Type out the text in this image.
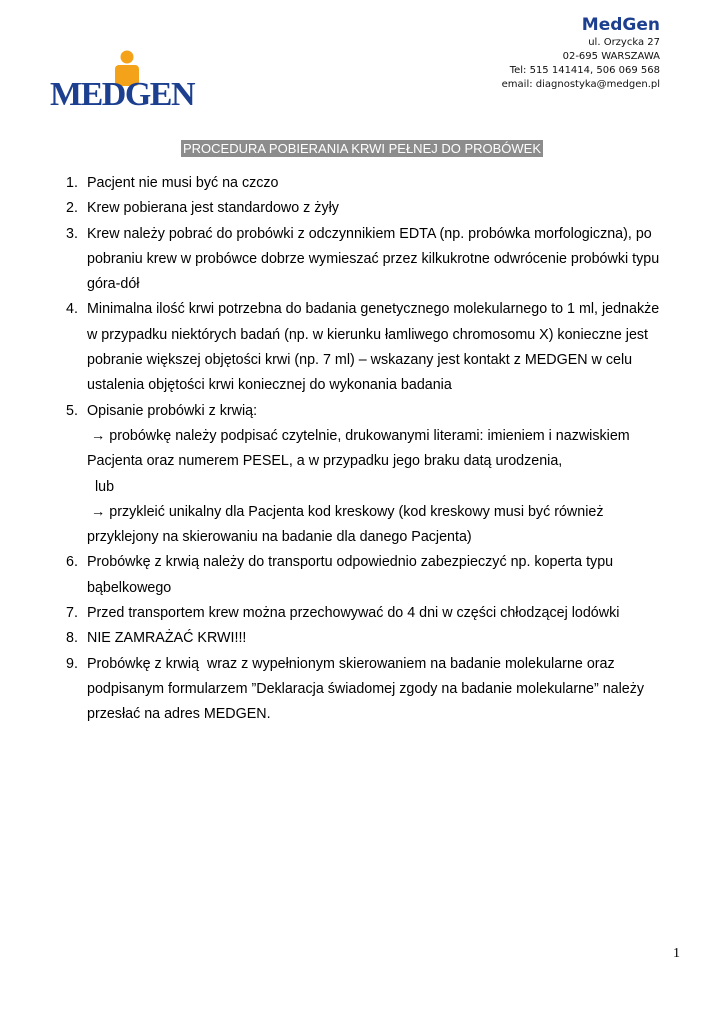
MEDGEN
MedGen
ul. Orzycka 27
02-695 WARSZAWA
Tel: 515 141414, 506 069 568
email: diagnostyka@medgen.pl
PROCEDURA POBIERANIA KRWI PEŁNEJ DO PROBÓWEK
1. Pacjent nie musi być na czczo
2. Krew pobierana jest standardowo z żyły
3. Krew należy pobrać do probówki z odczynnikiem EDTA (np. probówka morfologiczna), po
pobraniu krew w probówce dobrze wymieszać przez kilkukrotne odwrócenie probówki typu
góra-dół
4. Minimalna ilość krwi potrzebna do badania genetycznego molekularnego to 1 ml, jednakże
w przypadku niektórych badań (np. w kierunku łamliwego chromosomu X) konieczne jest
pobranie większej objętości krwi (np. 7 ml) – wskazany jest kontakt z MEDGEN w celu
ustalenia objętości krwi koniecznej do wykonania badania
5. Opisanie probówki z krwią:
→ probówkę należy podpisać czytelnie, drukowanymi literami: imieniem i nazwiskiem
Pacjenta oraz numerem PESEL, a w przypadku jego braku datą urodzenia,
lub
→ przykleić unikalny dla Pacjenta kod kreskowy (kod kreskowy musi być również
przyklejony na skierowaniu na badanie dla danego Pacjenta)
6. Probówkę z krwią należy do transportu odpowiednio zabezpieczyć np. koperta typu
bąbelkowego
7. Przed transportem krew można przechowywać do 4 dni w części chłodzącej lodówki
8. NIE ZAMRAŻAĆ KRWI!!!
9. Probówkę z krwią  wraz z wypełnionym skierowaniem na badanie molekularne oraz
podpisanym formularzem ”Deklaracja świadomej zgody na badanie molekularne” należy
przesłać na adres MEDGEN.
1
